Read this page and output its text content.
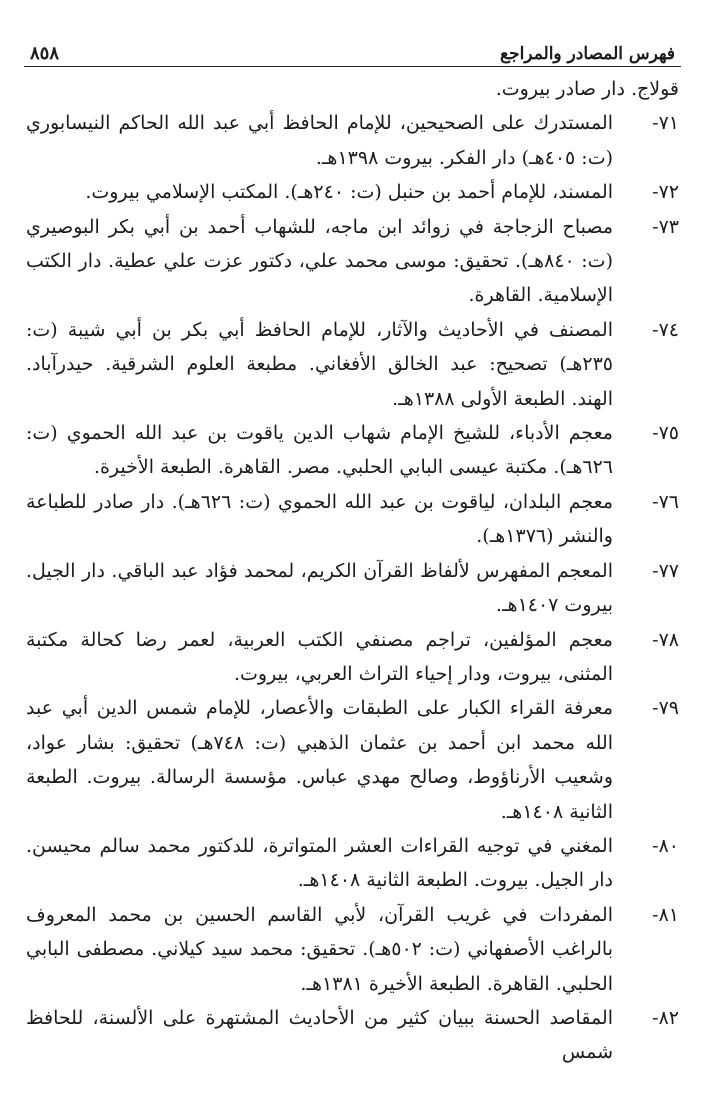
٨٥٨	فهرس المصادر والمراجع
قولاج. دار صادر بيروت.
٧١-
المستدرك على الصحيحين، للإمام الحافظ أبي عبد الله الحاكم النيسابوري (ت: ٤٠٥هـ) دار الفكر. بيروت ١٣٩٨هـ.
٧٢-
المسند، للإمام أحمد بن حنبل (ت: ٢٤٠هـ). المكتب الإسلامي بيروت.
٧٣-
مصباح الزجاجة في زوائد ابن ماجه، للشهاب أحمد بن أبي بكر البوصيري (ت: ٨٤٠هـ). تحقيق: موسى محمد علي، دكتور عزت علي عطية. دار الكتب الإسلامية. القاهرة.
٧٤-
المصنف في الأحاديث والآثار، للإمام الحافظ أبي بكر بن أبي شيبة (ت: ٢٣٥هـ) تصحيح: عبد الخالق الأفغاني. مطبعة العلوم الشرقية. حيدرآباد. الهند. الطبعة الأولى ١٣٨٨هـ.
٧٥-
معجم الأدباء، للشيخ الإمام شهاب الدين ياقوت بن عبد الله الحموي (ت: ٦٢٦هـ). مكتبة عيسى البابي الحلبي. مصر. القاهرة. الطبعة الأخيرة.
٧٦-
معجم البلدان، لياقوت بن عبد الله الحموي (ت: ٦٢٦هـ). دار صادر للطباعة والنشر (١٣٧٦هـ).
٧٧-
المعجم المفهرس لألفاظ القرآن الكريم، لمحمد فؤاد عبد الباقي. دار الجيل. بيروت ١٤٠٧هـ.
٧٨-
معجم المؤلفين، تراجم مصنفي الكتب العربية، لعمر رضا كحالة مكتبة المثنى، بيروت، ودار إحياء التراث العربي، بيروت.
٧٩-
معرفة القراء الكبار على الطبقات والأعصار، للإمام شمس الدين أبي عبد الله محمد ابن أحمد بن عثمان الذهبي (ت: ٧٤٨هـ) تحقيق: بشار عواد، وشعيب الأرناؤوط، وصالح مهدي عباس. مؤسسة الرسالة. بيروت. الطبعة الثانية ١٤٠٨هـ.
٨٠-
المغني في توجيه القراءات العشر المتواترة، للدكتور محمد سالم محيسن. دار الجيل. بيروت. الطبعة الثانية ١٤٠٨هـ.
٨١-
المفردات في غريب القرآن، لأبي القاسم الحسين بن محمد المعروف بالراغب الأصفهاني (ت: ٥٠٢هـ). تحقيق: محمد سيد كيلاني. مصطفى البابي الحلبي. القاهرة. الطبعة الأخيرة ١٣٨١هـ.
٨٢-
المقاصد الحسنة ببيان كثير من الأحاديث المشتهرة على الألسنة، للحافظ شمس
